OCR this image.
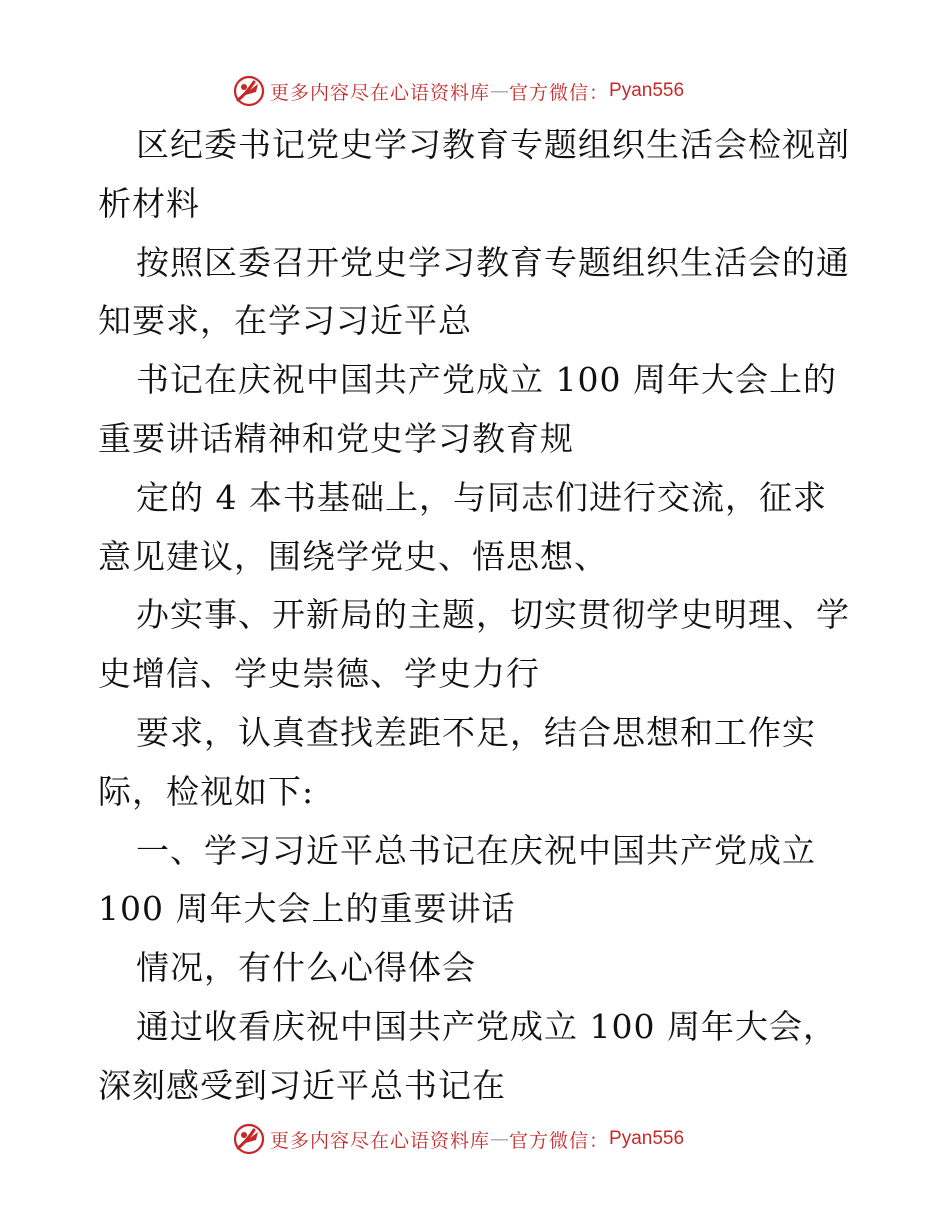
更多内容尽在心语资料库 — 官方微信： Pyan556
区纪委书记党史学习教育专题组织生活会检视剖
析材料
按照区委召开党史学习教育专题组织生活会的通
知要求，在学习习近平总
书记在庆祝中国共产党成立 100 周年大会上的
重要讲话精神和党史学习教育规
定的 4 本书基础上，与同志们进行交流，征求
意见建议，围绕学党史、悟思想、
办实事、开新局的主题，切实贯彻学史明理、学
史增信、学史崇德、学史力行
要求，认真查找差距不足，结合思想和工作实
际，检视如下:
一、学习习近平总书记在庆祝中国共产党成立
100 周年大会上的重要讲话
情况，有什么心得体会
通过收看庆祝中国共产党成立 100 周年大会，
深刻感受到习近平总书记在
更多内容尽在心语资料库 — 官方微信： Pyan556
